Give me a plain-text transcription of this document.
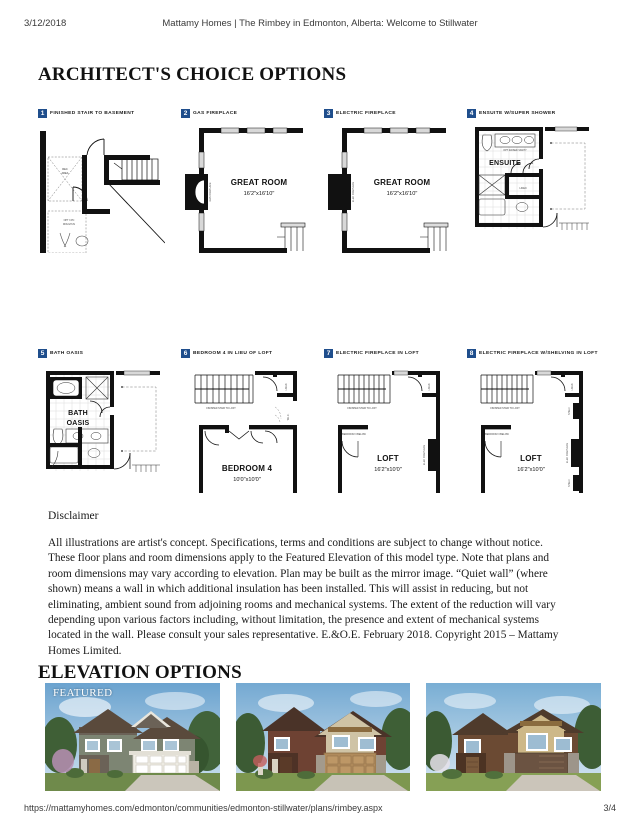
3/12/2018	Mattamy Homes | The Rimbey in Edmonton, Alberta: Welcome to Stillwater
ARCHITECT'S CHOICE OPTIONS
1	FINISHED STAIR TO BASEMENT
REC
AREA
OPT 3 PC
ROUGH-IN
2	GAS FIREPLACE
GAS FIREPLACE GREAT ROOM
16'2"x16'10"
3	ELECTRIC FIREPLACE
ELEC FIREPLACE GREAT ROOM
16'2"x16'10"
4	ENSUITE W/SUPER SHOWER
OPT RAISED VANITY
ENSUITE
LINEN
5	BATH OASIS
BATH
OASIS
6	BEDROOM 4 IN LIEU OF LOFT
FINISHED STAIR TO LOFT
LINEN
W.I.C.
BEDROOM 4
10'0"x10'0"
7	ELECTRIC FIREPLACE IN LOFT
FINISHED STAIR TO LOFT
LINEN
BEDROOM 3 BELOW
ELEC FIREPLACE
LOFT
16'2"x10'0"
8	ELECTRIC FIREPLACE W/SHELVING IN LOFT
FINISHED STAIR TO LOFT
LINEN
SHELF
ELEC FIREPLACE
SHELF
BEDROOM 3 BELOW
LOFT
16'2"x10'0"
Disclaimer
All illustrations are artist's concept. Specifications, terms and conditions are subject to change without notice. These floor plans and room dimensions apply to the Featured Elevation of this model type. Note that plans and room dimensions may vary according to elevation. Plan may be built as the mirror image. “Quiet wall” (where shown) means a wall in which additional insulation has been installed. This will assist in reducing, but not eliminating, ambient sound from adjoining rooms and mechanical systems. The extent of the reduction will vary depending upon various factors including, without limitation, the presence and extent of mechanical systems located in the wall. Please consult your sales representative. E.&O.E. February 2018. Copyright 2015 – Mattamy Homes Limited.
ELEVATION OPTIONS
FEATURED
https://mattamyhomes.com/edmonton/communities/edmonton-stillwater/plans/rimbey.aspx	3/4
